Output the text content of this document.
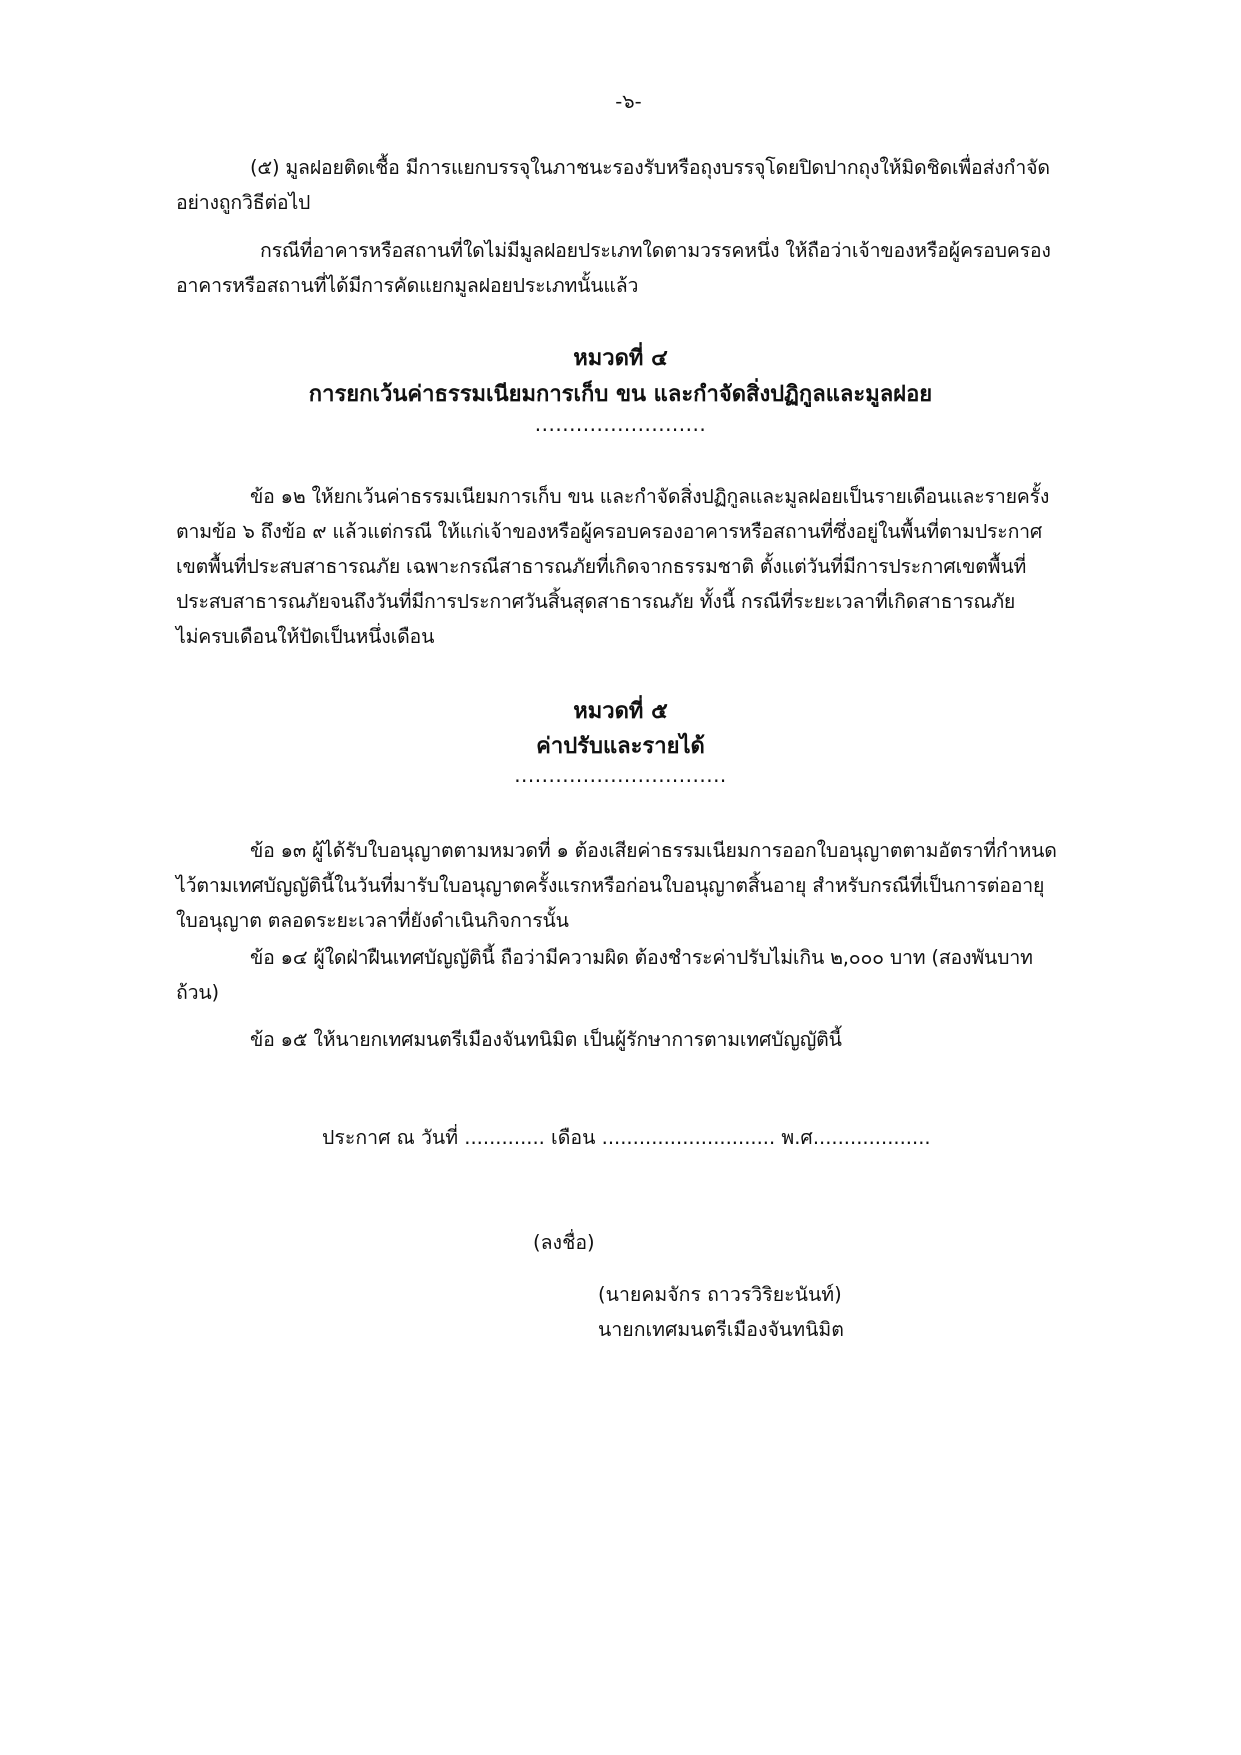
-๖-
(๕) มูลฝอยติดเชื้อ มีการแยกบรรจุในภาชนะรองรับหรือถุงบรรจุโดยปิดปากถุงให้มิดชิดเพื่อส่งกำจัด
อย่างถูกวิธีต่อไป
กรณีที่อาคารหรือสถานที่ใดไม่มีมูลฝอยประเภทใดตามวรรคหนึ่ง ให้ถือว่าเจ้าของหรือผู้ครอบครอง
อาคารหรือสถานที่ได้มีการคัดแยกมูลฝอยประเภทนั้นแล้ว
หมวดที่ ๔
การยกเว้นค่าธรรมเนียมการเก็บ ขน และกำจัดสิ่งปฏิกูลและมูลฝอย
.........................
ข้อ ๑๒ ให้ยกเว้นค่าธรรมเนียมการเก็บ ขน และกำจัดสิ่งปฏิกูลและมูลฝอยเป็นรายเดือนและรายครั้ง
ตามข้อ ๖ ถึงข้อ ๙ แล้วแต่กรณี ให้แก่เจ้าของหรือผู้ครอบครองอาคารหรือสถานที่ซึ่งอยู่ในพื้นที่ตามประกาศ
เขตพื้นที่ประสบสาธารณภัย เฉพาะกรณีสาธารณภัยที่เกิดจากธรรมชาติ ตั้งแต่วันที่มีการประกาศเขตพื้นที่
ประสบสาธารณภัยจนถึงวันที่มีการประกาศวันสิ้นสุดสาธารณภัย ทั้งนี้ กรณีที่ระยะเวลาที่เกิดสาธารณภัย
ไม่ครบเดือนให้ปัดเป็นหนึ่งเดือน
หมวดที่ ๕
ค่าปรับและรายได้
...............................
ข้อ ๑๓ ผู้ได้รับใบอนุญาตตามหมวดที่ ๑ ต้องเสียค่าธรรมเนียมการออกใบอนุญาตตามอัตราที่กำหนด
ไว้ตามเทศบัญญัตินี้ในวันที่มารับใบอนุญาตครั้งแรกหรือก่อนใบอนุญาตสิ้นอายุ สำหรับกรณีที่เป็นการต่ออายุ
ใบอนุญาต ตลอดระยะเวลาที่ยังดำเนินกิจการนั้น
ข้อ ๑๔ ผู้ใดฝ่าฝืนเทศบัญญัตินี้ ถือว่ามีความผิด ต้องชำระค่าปรับไม่เกิน ๒,๐๐๐ บาท (สองพันบาท
ถ้วน)
ข้อ ๑๕ ให้นายกเทศมนตรีเมืองจันทนิมิต เป็นผู้รักษาการตามเทศบัญญัตินี้
ประกาศ ณ วันที่ ............. เดือน ............................ พ.ศ...................
(ลงชื่อ)
(นายคมจักร ถาวรวิริยะนันท์)
นายกเทศมนตรีเมืองจันทนิมิต
